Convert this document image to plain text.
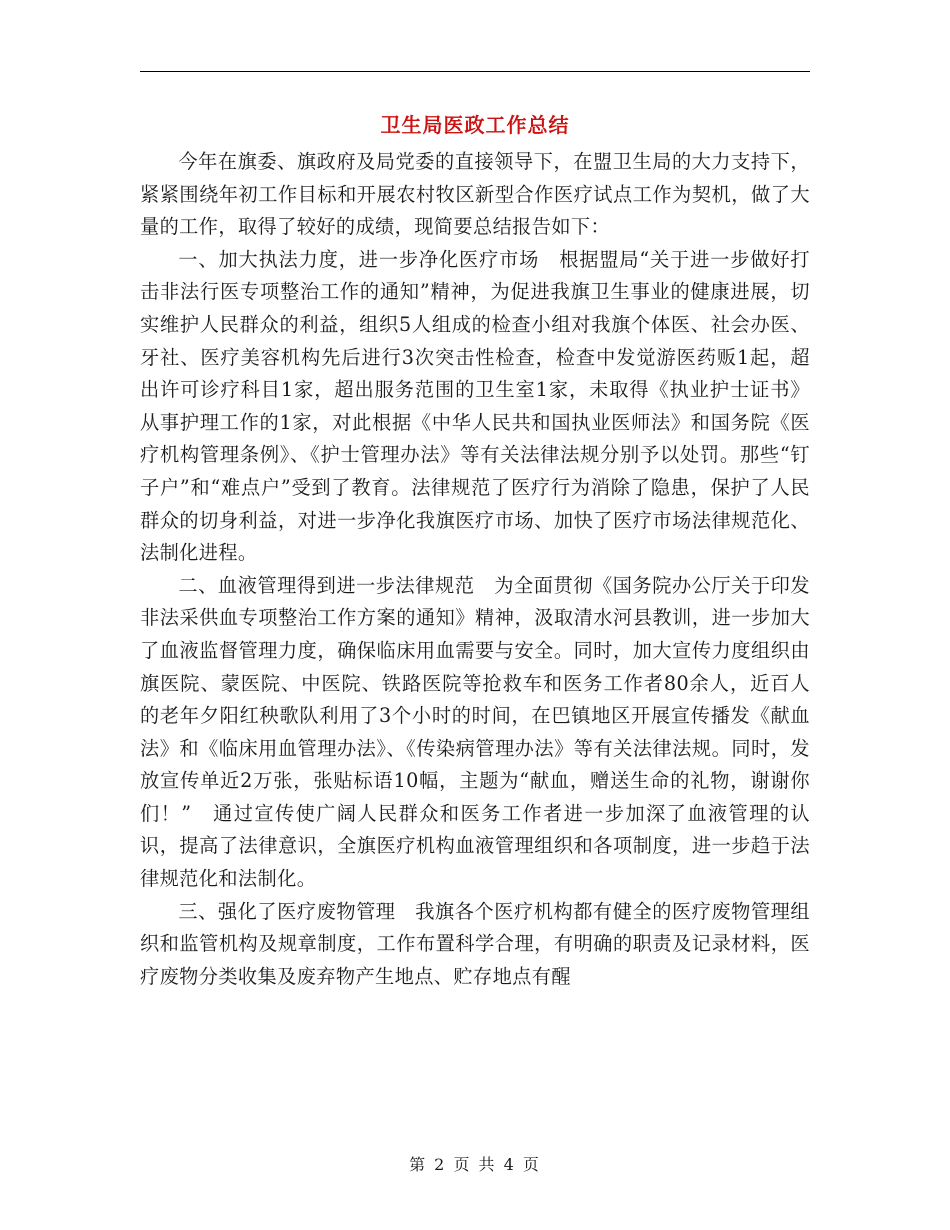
卫生局医政工作总结

今年在旗委、旗政府及局党委的直接领导下，在盟卫生局的大力支持下，紧紧围绕年初工作目标和开展农村牧区新型合作医疗试点工作为契机，做了大量的工作，取得了较好的成绩，现简要总结报告如下：

一、加大执法力度，进一步净化医疗市场　根据盟局“关于进一步做好打击非法行医专项整治工作的通知”精神，为促进我旗卫生事业的健康进展，切实维护人民群众的利益，组织5人组成的检查小组对我旗个体医、社会办医、牙社、医疗美容机构先后进行3次突击性检查，检查中发觉游医药贩1起，超出许可诊疗科目1家，超出服务范围的卫生室1家，未取得《执业护士证书》从事护理工作的1家，对此根据《中华人民共和国执业医师法》和国务院《医疗机构管理条例》、《护士管理办法》等有关法律法规分别予以处罚。那些“钉子户”和“难点户”受到了教育。法律规范了医疗行为消除了隐患，保护了人民群众的切身利益，对进一步净化我旗医疗市场、加快了医疗市场法律规范化、法制化进程。

二、血液管理得到进一步法律规范　为全面贯彻《国务院办公厅关于印发非法采供血专项整治工作方案的通知》精神，汲取清水河县教训，进一步加大了血液监督管理力度，确保临床用血需要与安全。同时，加大宣传力度组织由旗医院、蒙医院、中医院、铁路医院等抢救车和医务工作者80余人，近百人的老年夕阳红秧歌队利用了3个小时的时间，在巴镇地区开展宣传播发《献血法》和《临床用血管理办法》、《传染病管理办法》等有关法律法规。同时，发放宣传单近2万张，张贴标语10幅，主题为“献血，赠送生命的礼物，谢谢你们！”　通过宣传使广阔人民群众和医务工作者进一步加深了血液管理的认识，提高了法律意识，全旗医疗机构血液管理组织和各项制度，进一步趋于法律规范化和法制化。

三、强化了医疗废物管理　我旗各个医疗机构都有健全的医疗废物管理组织和监管机构及规章制度，工作布置科学合理，有明确的职责及记录材料，医疗废物分类收集及废弃物产生地点、贮存地点有醒

第 2 页 共 4 页
